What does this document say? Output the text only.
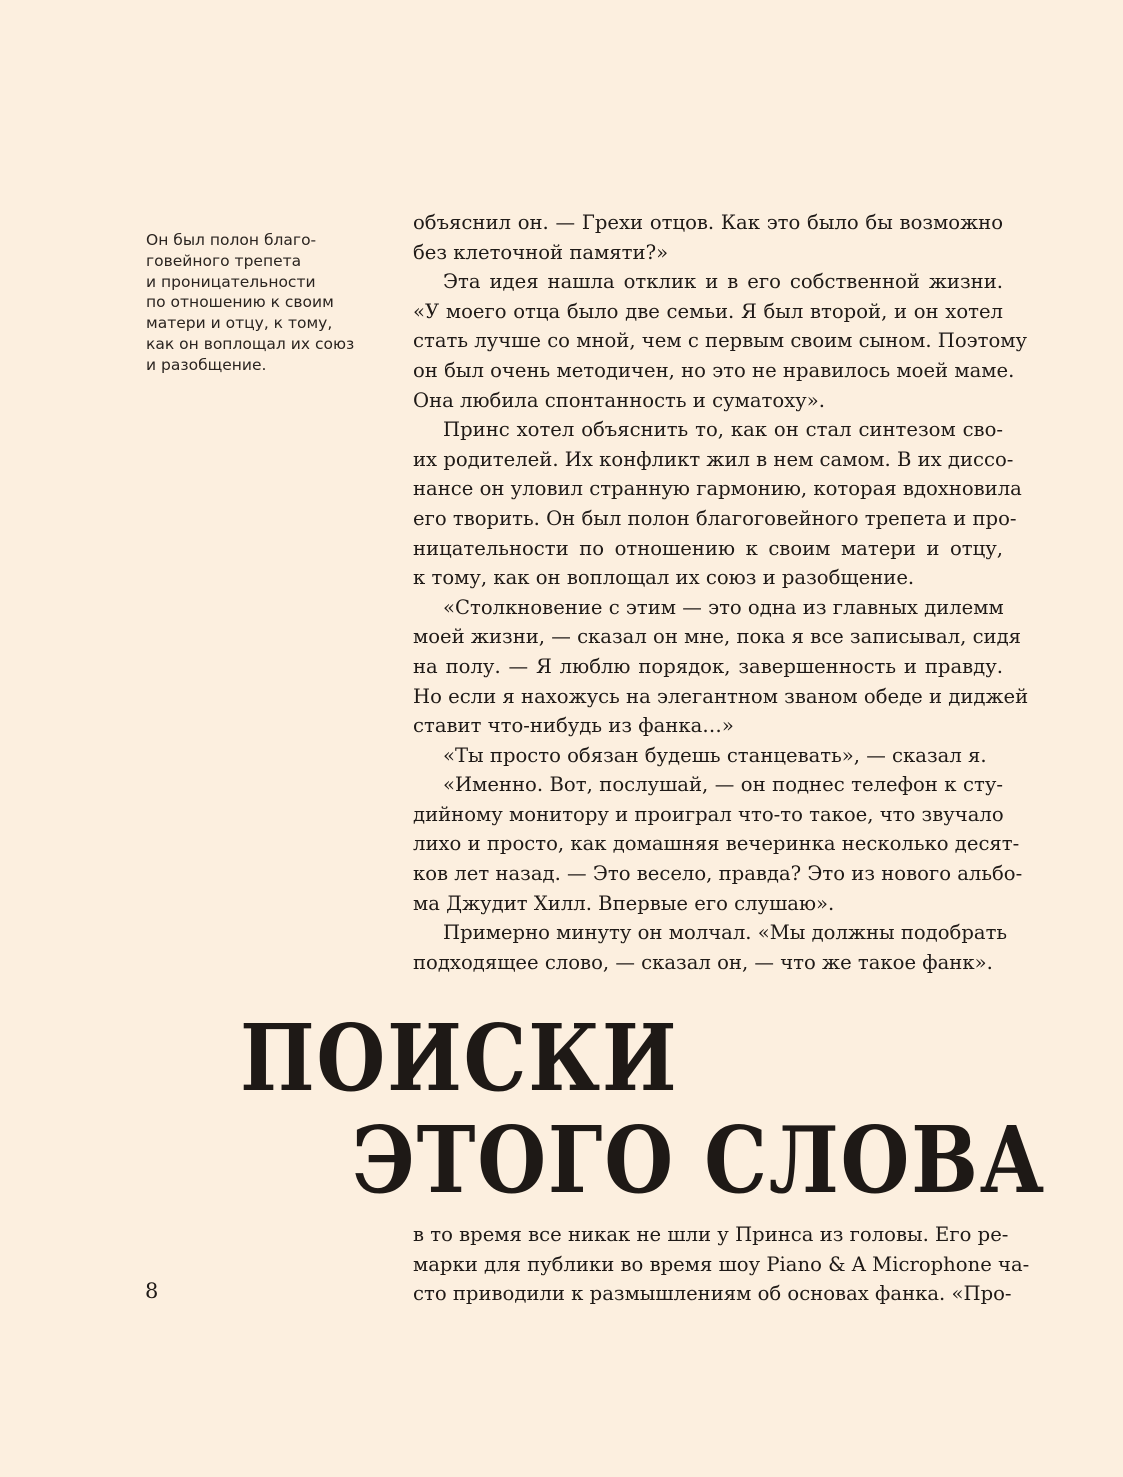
Он был полон благо-
говейного трепета
и проницательности
по отношению к своим
матери и отцу, к тому,
как он воплощал их союз
и разобщение.
объяснил он. — Грехи отцов. Как это было бы возможно
без клеточной памяти?»
Эта идея нашла отклик и в его собственной жизни.
«У моего отца было две семьи. Я был второй, и он хотел
стать лучше со мной, чем с первым своим сыном. Поэтому
он был очень методичен, но это не нравилось моей маме.
Она любила спонтанность и суматоху».
Принс хотел объяснить то, как он стал синтезом сво-
их родителей. Их конфликт жил в нем самом. В их диссо-
нансе он уловил странную гармонию, которая вдохновила
его творить. Он был полон благоговейного трепета и про-
ницательности по отношению к своим матери и отцу,
к тому, как он воплощал их союз и разобщение.
«Столкновение с этим — это одна из главных дилемм
моей жизни, — сказал он мне, пока я все записывал, сидя
на полу. — Я люблю порядок, завершенность и правду.
Но если я нахожусь на элегантном званом обеде и диджей
ставит что-нибудь из фанка…»
«Ты просто обязан будешь станцевать», — сказал я.
«Именно. Вот, послушай, — он поднес телефон к сту-
дийному монитору и проиграл что-то такое, что звучало
лихо и просто, как домашняя вечеринка несколько десят-
ков лет назад. — Это весело, правда? Это из нового альбо-
ма Джудит Хилл. Впервые его слушаю».
Примерно минуту он молчал. «Мы должны подобрать
подходящее слово, — сказал он, — что же такое фанк».
ПОИСКИ
ЭТОГО СЛОВА
8
в то время все никак не шли у Принса из головы. Его ре-
марки для публики во время шоу Piano & A Microphone ча-
сто приводили к размышлениям об основах фанка. «Про-
